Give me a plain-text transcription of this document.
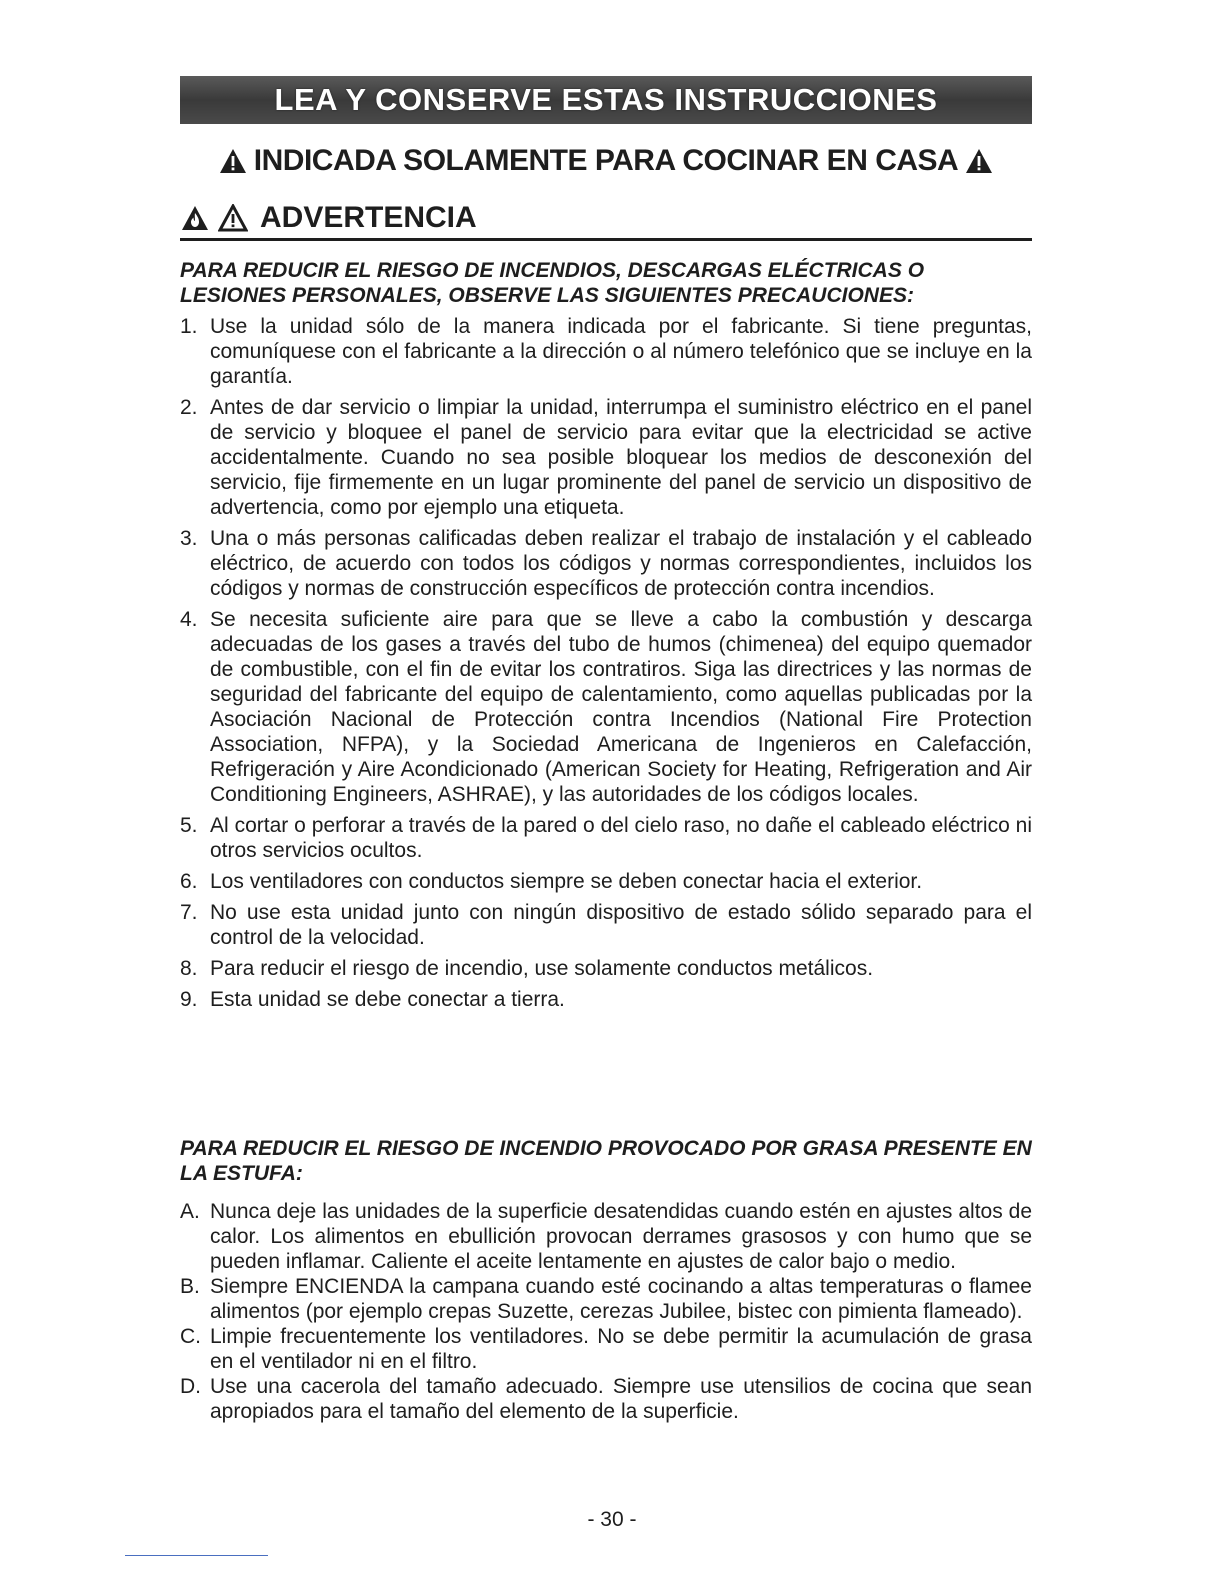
LEA Y CONSERVE ESTAS INSTRUCCIONES
INDICADA SOLAMENTE PARA COCINAR EN CASA
ADVERTENCIA

PARA REDUCIR EL RIESGO DE INCENDIOS, DESCARGAS ELÉCTRICAS O LESIONES PERSONALES, OBSERVE LAS SIGUIENTES PRECAUCIONES:

1. Use la unidad sólo de la manera indicada por el fabricante. Si tiene preguntas, comuníquese con el fabricante a la dirección o al número telefónico que se incluye en la garantía.
2. Antes de dar servicio o limpiar la unidad, interrumpa el suministro eléctrico en el panel de servicio y bloquee el panel de servicio para evitar que la electricidad se active accidentalmente. Cuando no sea posible bloquear los medios de desconexión del servicio, fije firmemente en un lugar prominente del panel de servicio un dispositivo de advertencia, como por ejemplo una etiqueta.
3. Una o más personas calificadas deben realizar el trabajo de instalación y el cableado eléctrico, de acuerdo con todos los códigos y normas correspondientes, incluidos los códigos y normas de construcción específicos de protección contra incendios.
4. Se necesita suficiente aire para que se lleve a cabo la combustión y descarga adecuadas de los gases a través del tubo de humos (chimenea) del equipo quemador de combustible, con el fin de evitar los contratiros. Siga las directrices y las normas de seguridad del fabricante del equipo de calentamiento, como aquellas publicadas por la Asociación Nacional de Protección contra Incendios (National Fire Protection Association, NFPA), y la Sociedad Americana de Ingenieros en Calefacción, Refrigeración y Aire Acondicionado (American Society for Heating, Refrigeration and Air Conditioning Engineers, ASHRAE), y las autoridades de los códigos locales.
5. Al cortar o perforar a través de la pared o del cielo raso, no dañe el cableado eléctrico ni otros servicios ocultos.
6. Los ventiladores con conductos siempre se deben conectar hacia el exterior.
7. No use esta unidad junto con ningún dispositivo de estado sólido separado para el control de la velocidad.
8. Para reducir el riesgo de incendio, use solamente conductos metálicos.
9. Esta unidad se debe conectar a tierra.

PARA REDUCIR EL RIESGO DE INCENDIO PROVOCADO POR GRASA PRESENTE EN LA ESTUFA:

A. Nunca deje las unidades de la superficie desatendidas cuando estén en ajustes altos de calor. Los alimentos en ebullición provocan derrames grasosos y con humo que se pueden inflamar. Caliente el aceite lentamente en ajustes de calor bajo o medio.
B. Siempre ENCIENDA la campana cuando esté cocinando a altas temperaturas o flamee alimentos (por ejemplo crepas Suzette, cerezas Jubilee, bistec con pimienta flameado).
C. Limpie frecuentemente los ventiladores. No se debe permitir la acumulación de grasa en el ventilador ni en el filtro.
D. Use una cacerola del tamaño adecuado. Siempre use utensilios de cocina que sean apropiados para el tamaño del elemento de la superficie.
- 30 -
